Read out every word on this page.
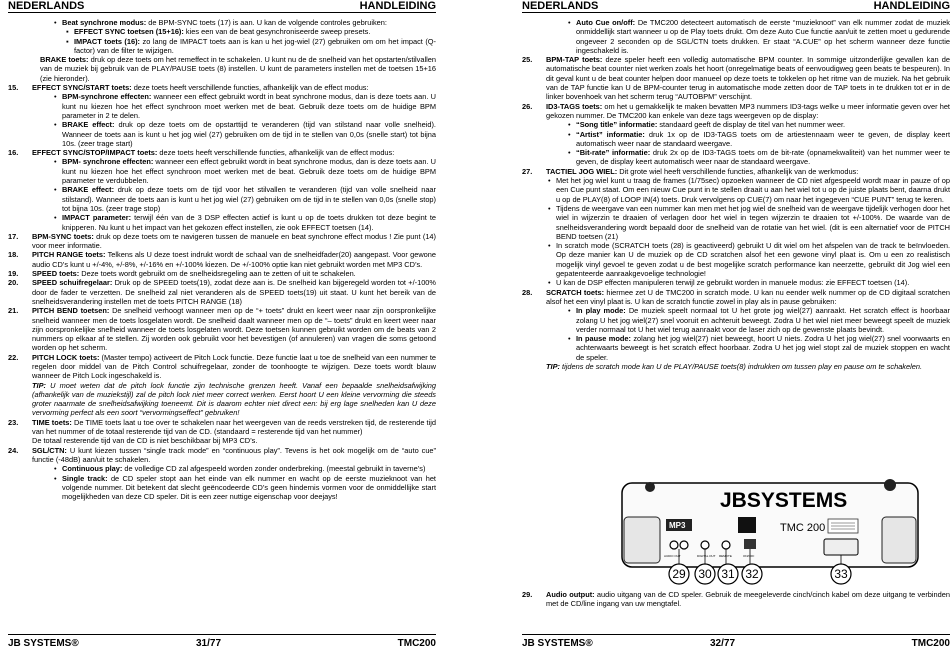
NEDERLANDS	HANDLEIDING
• Beat synchrone modus: de BPM-SYNC toets (17) is aan. U kan de volgende controles gebruiken:
▪ EFFECT SYNC toetsen (15+16): kies een van de beat gesynchroniseerde sweep presets.
▪ IMPACT toets (16): zo lang de IMPACT toets aan is kan u het jog-wiel (27) gebruiken om om het impact (Q-factor) van de filter te wijzigen.

BRAKE toets: druk op deze toets om het remeffect in te schakelen. U kunt nu de de snelheid van het opstarten/stilvallen van de muziek bij gebruik van de PLAY/PAUSE toets (8) instellen. U kunt de parameters instellen met de toetsen 15+16 (zie hieronder).

15. EFFECT SYNC/START toets: deze toets heeft verschillende functies, afhankelijk van de effect modus:
• BPM-synchrone effecten: wanneer een effect gebruikt wordt in beat synchrone modus, dan is deze toets aan. U kunt nu kiezen hoe het effect synchroon moet werken met de beat. Gebruik deze toets om de huidige BPM parameter in 2 te delen.
• BRAKE effect: druk op deze toets om de opstarttijd te veranderen (tijd van stilstand naar volle snelheid). Wanneer de toets aan is kunt u het jog wiel (27) gebruiken om de tijd in te stellen van 0,0s (snelle start) tot bijna 10s. (zeer trage start)
16. EFFECT SYNC/STOP/IMPACT toets: deze toets heeft verschillende functies, afhankelijk van de effect modus:
• BPM- synchrone effecten: wanneer een effect gebruikt wordt in beat synchrone modus, dan is deze toets aan. U kunt nu kiezen hoe het effect synchroon moet werken met de beat. Gebruik deze toets om de huidige BPM parameter te verdubbelen.
• BRAKE effect: druk op deze toets om de tijd voor het stilvallen te veranderen (tijd van volle snelheid naar stilstand). Wanneer de toets aan is kunt u het jog wiel (27) gebruiken om de tijd in te stellen van 0,0s (snelle stop) tot bijna 10s. (zeer trage stop)
• IMPACT parameter: terwijl één van de 3 DSP effecten actief is kunt u op de toets drukken tot deze begint te knipperen. Nu kunt u het impact van het gekozen effect instellen, zie ook EFFECT toetsen (14).
17. BPM-SYNC toets: druk op deze toets om te navigeren tussen de manuele en beat synchrone effect modus ! Zie punt (14) voor meer informatie.
18. PITCH RANGE toets: Telkens als U deze toest indrukt wordt de schaal van de snelheidfader(20) aangepast. Voor gewone audio CD’s kunt u +/-4%, +/-8%, +/-16% en +/-100% kiezen. De +/-100% optie kan niet gebruikt worden met MP3 CD’s.
19. SPEED toets: Deze toets wordt gebruikt om de snelheidsregeling aan te zetten of uit te schakelen.
20. SPEED schuifregelaar: Druk op de SPEED toets(19), zodat deze aan is. De snelheid kan bijgeregeld worden tot +/-100% door de fader te verzetten. De snelheid zal niet veranderen als de SPEED toets(19) uit staat. U kunt het bereik van de snelheidsverandering instellen met de toets PITCH RANGE (18)
21. PITCH BEND toetsen: De snelheid verhoogt wanneer men op de “+ toets” drukt en keert weer naar zijn oorspronkelijke snelheid wanneer men de toets losgelaten wordt. De snelheid daalt wanneer men op de “– toets” drukt en keert weer naar zijn oorspronkelijke snelheid wanneer de toets losgelaten wordt. Deze toetsen kunnen gebruikt worden om de beats van 2 nummers op elkaar af te stellen. Zij worden ook gebruikt voor het bevestigen (of annuleren) van vragen die soms getoond worden op het scherm.
22. PITCH LOCK toets: (Master tempo) activeert de Pitch Lock functie. Deze functie laat u toe de snelheid van een nummer te regelen door middel van de Pitch Control schuifregelaar, zonder de toonhoogte te wijzigen. Deze toets wordt blauw wanneer de Pitch Lock ingeschakeld is.

TIP: U moet weten dat de pitch lock functie zijn technische grenzen heeft. Vanaf een bepaalde snelheidsafwijking (afhankelijk van de muziekstijl) zal de pitch lock niet meer correct werken. Eerst hoort U een kleine vervorming die steeds groter naarmate de snelheidsafwijking toeneemt. Dit is daarom echter niet direct een: bij erg lage snelheden kan U deze vervorming perfect als een soort “vervormingseffect” gebruiken!

23. TIME toets: De TIME toets laat u toe over te schakelen naar het weergeven van de reeds verstreken tijd, de resterende tijd van het nummer of de totaal resterende tijd van de CD. (standaard = resterende tijd van het nummer)

De totaal resterende tijd van de CD is niet beschikbaar bij MP3 CD’s.

24. SGL/CTN: U kunt kiezen tussen “single track mode” en “continuous play”. Tevens is het ook mogelijk om de “auto cue” functie (-48dB) aan/uit te schakelen.
• Continuous play: de volledige CD zal afgespeeld worden zonder onderbreking. (meestal gebruikt in taverne’s)
• Single track: de CD speler stopt aan het einde van elk nummer en wacht op de eerste muzieknoot van het volgende nummer. Dit betekent dat slecht geëncodeerde CD’s geen hindernis vormen voor de onmiddellijke start mogelijkheden van deze CD speler. Dit is een zeer nuttige eigenschap voor deejays!
JB SYSTEMS®	31/77	TMC200
NEDERLANDS	HANDLEIDING
• Auto Cue on/off: De TMC200 detecteert automatisch de eerste “muzieknoot” van elk nummer zodat de muziek onmiddellijk start wanneer u op de Play toets drukt. Om deze Auto Cue functie aan/uit te zetten moet u gedurende ongeveer 2 seconden op de SGL/CTN toets drukken. Er staat “A.CUE” op het scherm wanneer deze functie ingeschakeld is.
25. BPM-TAP toets: deze speler heeft een volledig automatische BPM counter. In sommige uitzonderlijke gevallen kan de automatische beat counter niet werken zoals het hoort (onregelmatige beats of eenvoudigweg geen beats te bespeuren). In dit geval kunt u de beat counter helpen door manueel op deze toets te tokkelen op het ritme van de muziek. Na het gebruik van de TAP functie kan U de BPM-counter terug in automatische mode zetten door de TAP toets in te drukken tot er in de linker bovenhoek van het scherm terug “AUTOBPM” verschijnt.
26. ID3-TAGS toets: om het u gemakkelijk te maken bevatten MP3 nummers ID3-tags welke u meer informatie geven over het gekozen nummer. De TMC200 kan enkele van deze tags weergeven op de display:
• “Song title” informatie: standaard geeft de display de titel van het nummer weer.
• “Artist” informatie: druk 1x op de ID3-TAGS toets om de artiestennaam weer te geven, de display keert automatisch weer naar de standaard weergave.
• “Bit-rate” informatie: druk 2x op de ID3-TAGS toets om de bit-rate (opnamekwaliteit) van het nummer weer te geven, de display keert automatisch weer naar de standaard weergave.
27. TACTIEL JOG WIEL: Dit grote wiel heeft verschillende functies, afhankelijk van de werkmodus:
• Met het jog wiel kunt u traag de frames (1/75sec) opzoeken wanneer de CD niet afgespeeld wordt maar in pauze of op een Cue punt staat. Om een nieuw Cue punt in te stellen draait u aan het wiel tot u op de juiste plaats bent, daarna drukt u op de PLAY(8) of LOOP IN(4) toets. Druk vervolgens op CUE(7) om naar het ingegeven “CUE PUNT” terug te keren.
• Tijdens de weergave van een nummer kan men met het jog wiel de snelheid van de weergave tijdelijk verhogen door het wiel in wijzerzin te draaien of verlagen door het wiel in tegen wijzerzin te draaien tot +/-100%. De waarde van de snelheidsverandering wordt bepaald door de snelheid van de rotatie van het wiel. (dit is een alternatief voor de PITCH BEND toetsen (21)
• In scratch mode (SCRATCH toets (28) is geactiveerd) gebruikt U dit wiel om het afspelen van de track te beïnvloeden. Op deze manier kan U de muziek op de CD scratchen alsof het een gewone vinyl plaat is. Om u een zo realistisch mogelijk vinyl gevoel te geven zodat u de best mogelijke scratch performance kan neerzette, gebruikt dit Jog wiel een gepatenteerde aanraakgevoelige technologie!
• U kan de DSP effecten manipuleren terwijl ze gebruikt worden in manuele modus: zie EFFECT toetsen (14).
28. SCRATCH toets: hiermee zet U de TMC200 in scratch mode. U kan nu eender welk nummer op de CD digitaal scratchen alsof het een vinyl plaat is. U kan de scratch functie zowel in play als in pause gebruiken:
• In play mode: De muziek speelt normaal tot U het grote jog wiel(27) aanraakt. Het scratch effect is hoorbaar zolang U het jog wiel(27) snel vooruit en achteruit beweegt. Zodra U het wiel niet meer beweegt speelt de muziek verder normaal tot U het wiel terug aanraakt voor de laser zich op de gewenste plaats bevindt.
• In pause mode: zolang het jog wiel(27) niet beweegt, hoort U niets. Zodra U het jog wiel(27) snel voorwaarts en achterwaarts beweegt is het scratch effect hoorbaar. Zodra U het jog wiel stopt zal de muziek stoppen en wacht de speler.

TIP: tijdens de scratch mode kan U de PLAY/PAUSE toets(8) indrukken om tussen play en pause om te schakelen.

JBSYSTEMS
MP3	TMC 200
AUDIO OUT	DIGITAL OUT REMOTE	ON/OFF
29 30 31 32	33
29. Audio output: audio uitgang van de CD speler. Gebruik de meegeleverde cinch/cinch kabel om deze uitgang te verbinden met de CD/line ingang van uw mengtafel.
JB SYSTEMS®	32/77	TMC200
